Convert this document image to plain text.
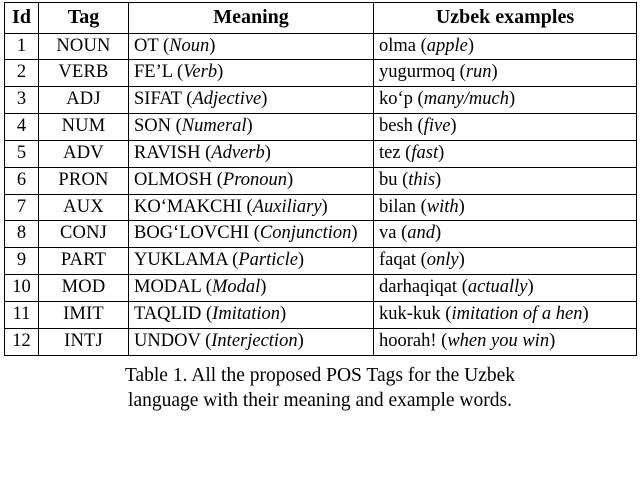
Id	Tag	Meaning	Uzbek examples
1	NOUN	OT (Noun)	olma (apple)
2	VERB	FE’L (Verb)	yugurmoq (run)
3	ADJ	SIFAT (Adjective)	ko‘p (many/much)
4	NUM	SON (Numeral)	besh (five)
5	ADV	RAVISH (Adverb)	tez (fast)
6	PRON	OLMOSH (Pronoun)	bu (this)
7	AUX	KO‘MAKCHI (Auxiliary)	bilan (with)
8	CONJ	BOG‘LOVCHI (Conjunction)	va (and)
9	PART	YUKLAMA (Particle)	faqat (only)
10	MOD	MODAL (Modal)	darhaqiqat (actually)
11	IMIT	TAQLID (Imitation)	kuk-kuk (imitation of a hen)
12	INTJ	UNDOV (Interjection)	hoorah! (when you win)
Table 1. All the proposed POS Tags for the Uzbek
language with their meaning and example words.
